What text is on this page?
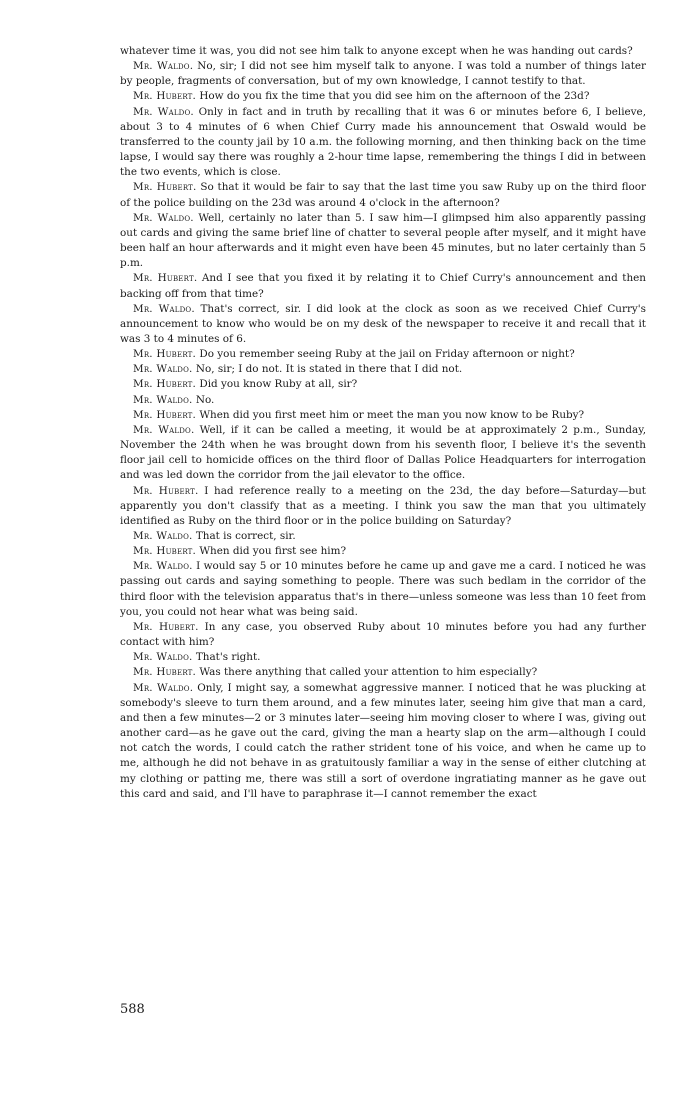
whatever time it was, you did not see him talk to anyone except when he was handing out cards?

Mr. Waldo. No, sir; I did not see him myself talk to anyone. I was told a number of things later by people, fragments of conversation, but of my own knowledge, I cannot testify to that.

Mr. Hubert. How do you fix the time that you did see him on the afternoon of the 23d?

Mr. Waldo. Only in fact and in truth by recalling that it was 6 or minutes before 6, I believe, about 3 to 4 minutes of 6 when Chief Curry made his announcement that Oswald would be transferred to the county jail by 10 a.m. the following morning, and then thinking back on the time lapse, I would say there was roughly a 2-hour time lapse, remembering the things I did in between the two events, which is close.

Mr. Hubert. So that it would be fair to say that the last time you saw Ruby up on the third floor of the police building on the 23d was around 4 o'clock in the afternoon?

Mr. Waldo. Well, certainly no later than 5. I saw him—I glimpsed him also apparently passing out cards and giving the same brief line of chatter to several people after myself, and it might have been half an hour afterwards and it might even have been 45 minutes, but no later certainly than 5 p.m.

Mr. Hubert. And I see that you fixed it by relating it to Chief Curry's announcement and then backing off from that time?

Mr. Waldo. That's correct, sir. I did look at the clock as soon as we received Chief Curry's announcement to know who would be on my desk of the newspaper to receive it and recall that it was 3 to 4 minutes of 6.

Mr. Hubert. Do you remember seeing Ruby at the jail on Friday afternoon or night?

Mr. Waldo. No, sir; I do not. It is stated in there that I did not.

Mr. Hubert. Did you know Ruby at all, sir?

Mr. Waldo. No.

Mr. Hubert. When did you first meet him or meet the man you now know to be Ruby?

Mr. Waldo. Well, if it can be called a meeting, it would be at approximately 2 p.m., Sunday, November the 24th when he was brought down from his seventh floor, I believe it's the seventh floor jail cell to homicide offices on the third floor of Dallas Police Headquarters for interrogation and was led down the corridor from the jail elevator to the office.

Mr. Hubert. I had reference really to a meeting on the 23d, the day before—Saturday—but apparently you don't classify that as a meeting. I think you saw the man that you ultimately identified as Ruby on the third floor or in the police building on Saturday?

Mr. Waldo. That is correct, sir.

Mr. Hubert. When did you first see him?

Mr. Waldo. I would say 5 or 10 minutes before he came up and gave me a card. I noticed he was passing out cards and saying something to people. There was such bedlam in the corridor of the third floor with the television apparatus that's in there—unless someone was less than 10 feet from you, you could not hear what was being said.

Mr. Hubert. In any case, you observed Ruby about 10 minutes before you had any further contact with him?

Mr. Waldo. That's right.

Mr. Hubert. Was there anything that called your attention to him especially?

Mr. Waldo. Only, I might say, a somewhat aggressive manner. I noticed that he was plucking at somebody's sleeve to turn them around, and a few minutes later, seeing him give that man a card, and then a few minutes—2 or 3 minutes later—seeing him moving closer to where I was, giving out another card—as he gave out the card, giving the man a hearty slap on the arm—although I could not catch the words, I could catch the rather strident tone of his voice, and when he came up to me, although he did not behave in as gratuitously familiar a way in the sense of either clutching at my clothing or patting me, there was still a sort of overdone ingratiating manner as he gave out this card and said, and I'll have to paraphrase it—I cannot remember the exact

588
